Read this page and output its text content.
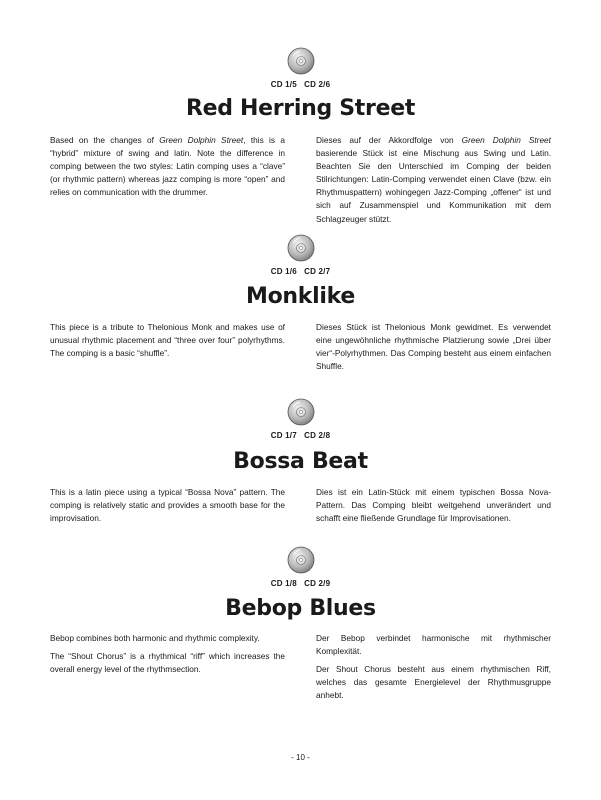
CD 1/5   CD 2/6
Red Herring Street

Based on the changes of Green Dolphin Street, this is a “hybrid” mixture of swing and latin. Note the difference in comping between the two styles: Latin comping uses a “clave” (or rhythmic pattern) whereas jazz comping is more “open” and relies on communication with the drummer.

Dieses auf der Akkordfolge von Green Dolphin Street basierende Stück ist eine Mischung aus Swing und Latin. Beachten Sie den Unterschied im Comping der beiden Stilrichtungen: Latin-Comping verwendet einen Clave (bzw. ein Rhythmuspattern) wohingegen Jazz-Comping „offener“ ist und sich auf Zusammenspiel und Kommunikation mit dem Schlagzeuger stützt.

CD 1/6   CD 2/7
Monklike

This piece is a tribute to Thelonious Monk and makes use of unusual rhythmic placement and “three over four” polyrhythms. The comping is a basic “shuffle”.

Dieses Stück ist Thelonious Monk gewidmet. Es verwendet eine ungewöhnliche rhythmische Platzierung sowie „Drei über vier“-Polyrhythmen. Das Comping besteht aus einem einfachen Shuffle.

CD 1/7   CD 2/8
Bossa Beat

This is a latin piece using a typical “Bossa Nova” pattern. The comping is relatively static and provides a smooth base for the improvisation.

Dies ist ein Latin-Stück mit einem typischen Bossa Nova-Pattern. Das Comping bleibt weitgehend unverändert und schafft eine fließende Grundlage für Improvisationen.

CD 1/8   CD 2/9
Bebop Blues

Bebop combines both harmonic and rhythmic complexity.

The “Shout Chorus” is a rhythmical “riff” which increases the overall energy level of the rhythmsection.

Der Bebop verbindet harmonische mit rhythmischer Komplexität.

Der Shout Chorus besteht aus einem rhythmischen Riff, welches das gesamte Energielevel der Rhythmusgruppe anhebt.

- 10 -
